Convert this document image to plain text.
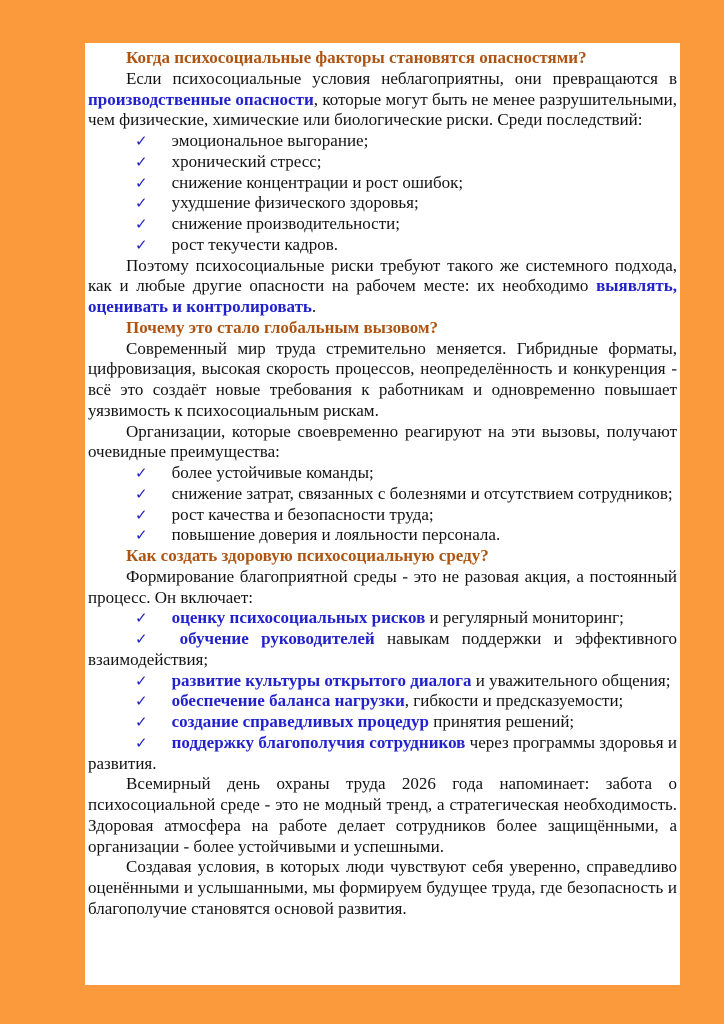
Когда психосоциальные факторы становятся опасностями?
Если психосоциальные условия неблагоприятны, они превращаются в производственные опасности, которые могут быть не менее разрушительными, чем физические, химические или биологические риски. Среди последствий:
✓ эмоциональное выгорание;
✓ хронический стресс;
✓ снижение концентрации и рост ошибок;
✓ ухудшение физического здоровья;
✓ снижение производительности;
✓ рост текучести кадров.
Поэтому психосоциальные риски требуют такого же системного подхода, как и любые другие опасности на рабочем месте: их необходимо выявлять, оценивать и контролировать.
Почему это стало глобальным вызовом?
Современный мир труда стремительно меняется. Гибридные форматы, цифровизация, высокая скорость процессов, неопределённость и конкуренция - всё это создаёт новые требования к работникам и одновременно повышает уязвимость к психосоциальным рискам.
Организации, которые своевременно реагируют на эти вызовы, получают очевидные преимущества:
✓ более устойчивые команды;
✓ снижение затрат, связанных с болезнями и отсутствием сотрудников;
✓ рост качества и безопасности труда;
✓ повышение доверия и лояльности персонала.
Как создать здоровую психосоциальную среду?
Формирование благоприятной среды - это не разовая акция, а постоянный процесс. Он включает:
✓ оценку психосоциальных рисков и регулярный мониторинг;
✓ обучение руководителей навыкам поддержки и эффективного взаимодействия;
✓ развитие культуры открытого диалога и уважительного общения;
✓ обеспечение баланса нагрузки, гибкости и предсказуемости;
✓ создание справедливых процедур принятия решений;
✓ поддержку благополучия сотрудников через программы здоровья и развития.
Всемирный день охраны труда 2026 года напоминает: забота о психосоциальной среде - это не модный тренд, а стратегическая необходимость. Здоровая атмосфера на работе делает сотрудников более защищёнными, а организации - более устойчивыми и успешными.
Создавая условия, в которых люди чувствуют себя уверенно, справедливо оценёнными и услышанными, мы формируем будущее труда, где безопасность и благополучие становятся основой развития.
